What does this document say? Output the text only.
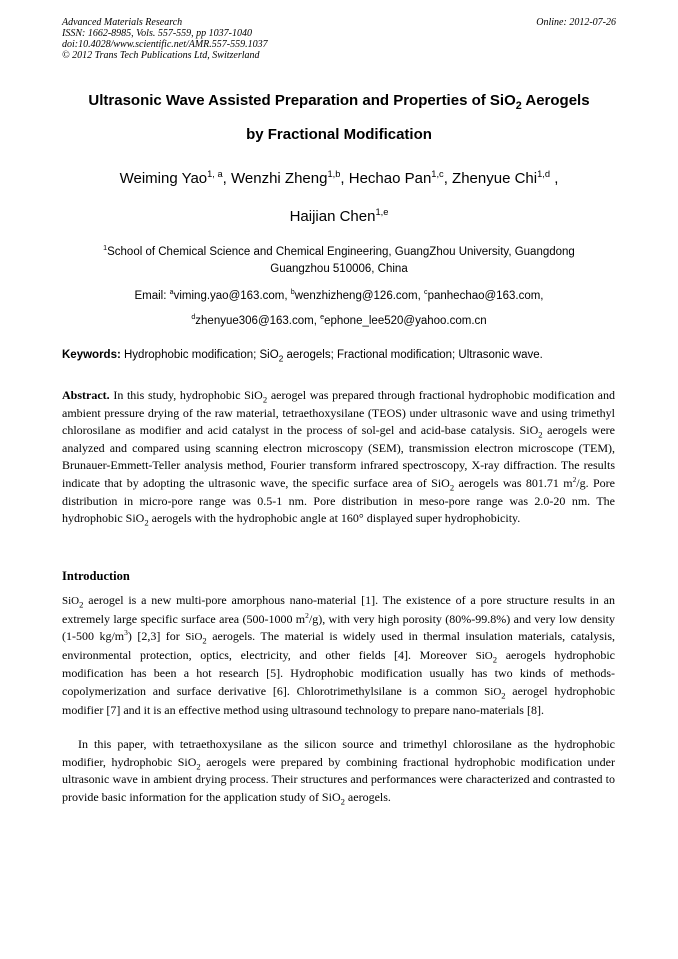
Advanced Materials Research
ISSN: 1662-8985, Vols. 557-559, pp 1037-1040
doi:10.4028/www.scientific.net/AMR.557-559.1037
© 2012 Trans Tech Publications Ltd, Switzerland
Online: 2012-07-26
Ultrasonic Wave Assisted Preparation and Properties of SiO$_2$ Aerogels
by Fractional Modification
Weiming Yao$^{1, a}$, Wenzhi Zheng$^{1,b}$, Hechao Pan$^{1,c}$, Zhenyue Chi$^{1,d}$ ,
Haijian Chen$^{1,e}$
$^1$School of Chemical Science and Chemical Engineering, GuangZhou University, Guangdong
Guangzhou 510006, China
Email: $^a$viming.yao@163.com, $^b$wenzhizheng@126.com, $^c$panhechao@163.com,
$^d$zhenyue306@163.com, $^e$ephone_lee520@yahoo.com.cn
Keywords: Hydrophobic modification; SiO$_2$ aerogels; Fractional modification; Ultrasonic wave.
Abstract. In this study, hydrophobic SiO$_2$ aerogel was prepared through fractional hydrophobic modification and ambient pressure drying of the raw material, tetraethoxysilane (TEOS) under ultrasonic wave and using trimethyl chlorosilane as modifier and acid catalyst in the process of sol-gel and acid-base catalysis. SiO$_2$ aerogels were analyzed and compared using scanning electron microscopy (SEM), transmission electron microscope (TEM), Brunauer-Emmett-Teller analysis method, Fourier transform infrared spectroscopy, X-ray diffraction. The results indicate that by adopting the ultrasonic wave, the specific surface area of SiO$_2$ aerogels was 801.71 $m^2/g$. Pore distribution in micro-pore range was 0.5-1 nm. Pore distribution in meso-pore range was 2.0-20 nm. The hydrophobic SiO$_2$ aerogels with the hydrophobic angle at 160° displayed super hydrophobicity.
Introduction
SiO$_2$ aerogel is a new multi-pore amorphous nano-material [1]. The existence of a pore structure results in an extremely large specific surface area (500-1000 $m^2/g$), with very high porosity (80%-99.8%) and very low density (1-500 $kg/m^3$) [2,3] for SiO$_2$ aerogels. The material is widely used in thermal insulation materials, catalysis, environmental protection, optics, electricity, and other fields [4]. Moreover SiO$_2$ aerogels hydrophobic modification has been a hot research [5]. Hydrophobic modification usually has two kinds of methods-copolymerization and surface derivative [6]. Chlorotrimethylsilane is a common SiO$_2$ aerogel hydrophobic modifier [7] and it is an effective method using ultrasound technology to prepare nano-materials [8].
In this paper, with tetraethoxysilane as the silicon source and trimethyl chlorosilane as the hydrophobic modifier, hydrophobic SiO$_2$ aerogels were prepared by combining fractional hydrophobic modification under ultrasonic wave in ambient drying process. Their structures and performances were characterized and contrasted to provide basic information for the application study of SiO$_2$ aerogels.
